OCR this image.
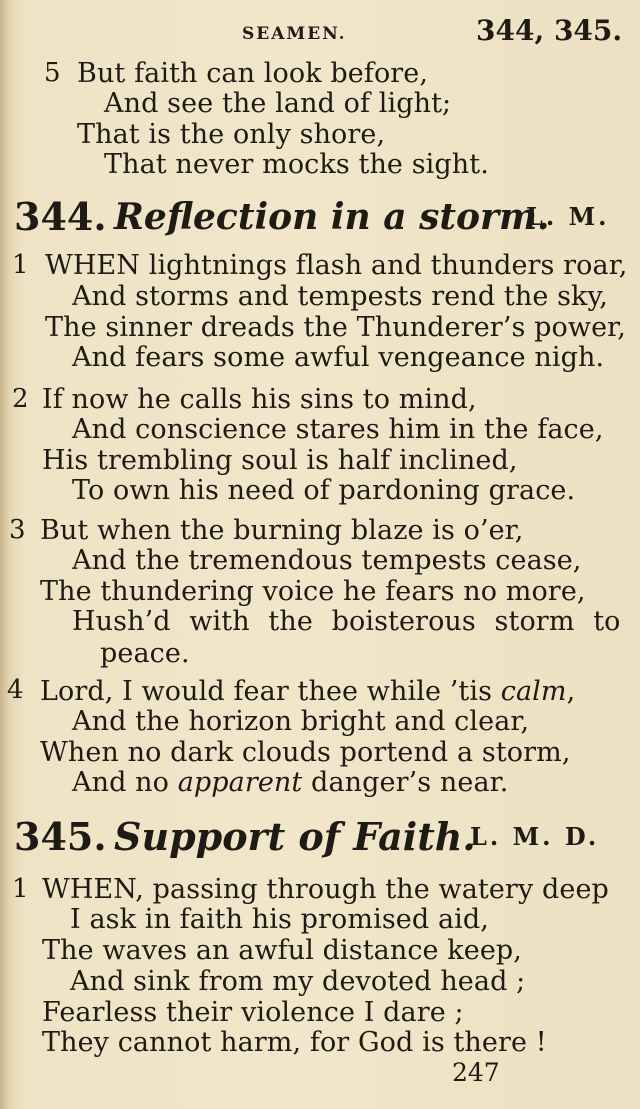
SEAMEN.	344, 345.
5 But faith can look before,
And see the land of light;
That is the only shore,
That never mocks the sight.
344. Reflection in a storm.
L. M.
1 WHEN lightnings flash and thunders roar,
And storms and tempests rend the sky,
The sinner dreads the Thunderer’s power,
And fears some awful vengeance nigh.
2 If now he calls his sins to mind,
And conscience stares him in the face,
His trembling soul is half inclined,
To own his need of pardoning grace.
3 But when the burning blaze is o’er,
And the tremendous tempests cease,
The thundering voice he fears no more,
Hush’d with the boisterous storm to
peace.
4 Lord, I would fear thee while ’tis calm,
And the horizon bright and clear,
When no dark clouds portend a storm,
And no apparent danger’s near.
345. Support of Faith.
L. M. D.
1 WHEN, passing through the watery deep
I ask in faith his promised aid,
The waves an awful distance keep,
And sink from my devoted head ;
Fearless their violence I dare ;
They cannot harm, for God is there !
247
